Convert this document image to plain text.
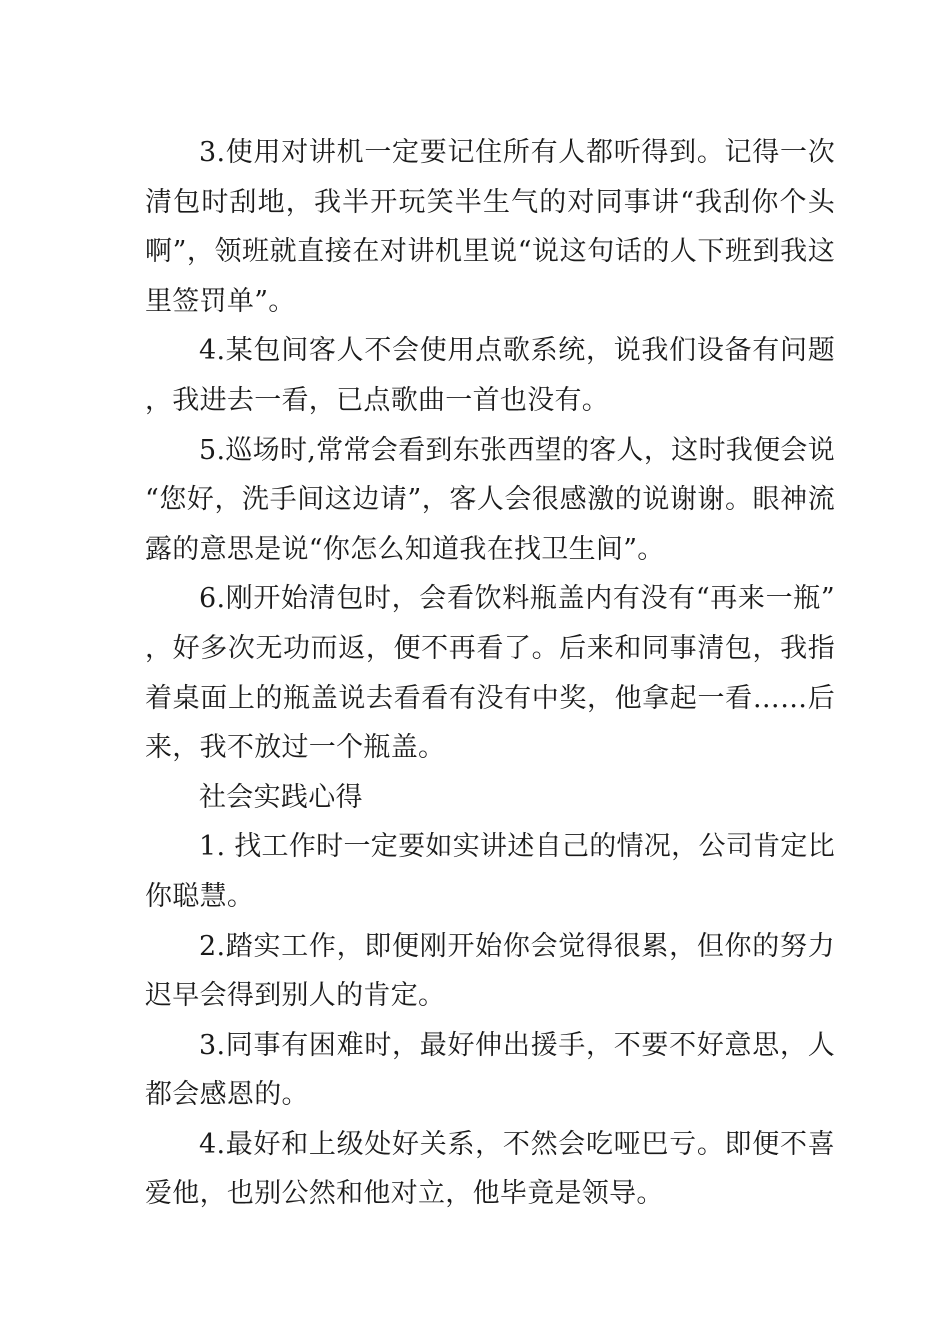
3.使用对讲机一定要记住所有人都听得到。记得一次清包时刮地，我半开玩笑半生气的对同事讲“我刮你个头啊”，领班就直接在对讲机里说“说这句话的人下班到我这里签罚单”。

4.某包间客人不会使用点歌系统，说我们设备有问题，我进去一看，已点歌曲一首也没有。

5.巡场时,常常会看到东张西望的客人，这时我便会说“您好，洗手间这边请”，客人会很感激的说谢谢。眼神流露的意思是说“你怎么知道我在找卫生间”。

6.刚开始清包时，会看饮料瓶盖内有没有“再来一瓶”，好多次无功而返，便不再看了。后来和同事清包，我指着桌面上的瓶盖说去看看有没有中奖，他拿起一看……后来，我不放过一个瓶盖。

社会实践心得

1. 找工作时一定要如实讲述自己的情况，公司肯定比你聪慧。

2.踏实工作，即便刚开始你会觉得很累，但你的努力迟早会得到别人的肯定。

3.同事有困难时，最好伸出援手，不要不好意思，人都会感恩的。

4.最好和上级处好关系，不然会吃哑巴亏。即便不喜爱他，也别公然和他对立，他毕竟是领导。
